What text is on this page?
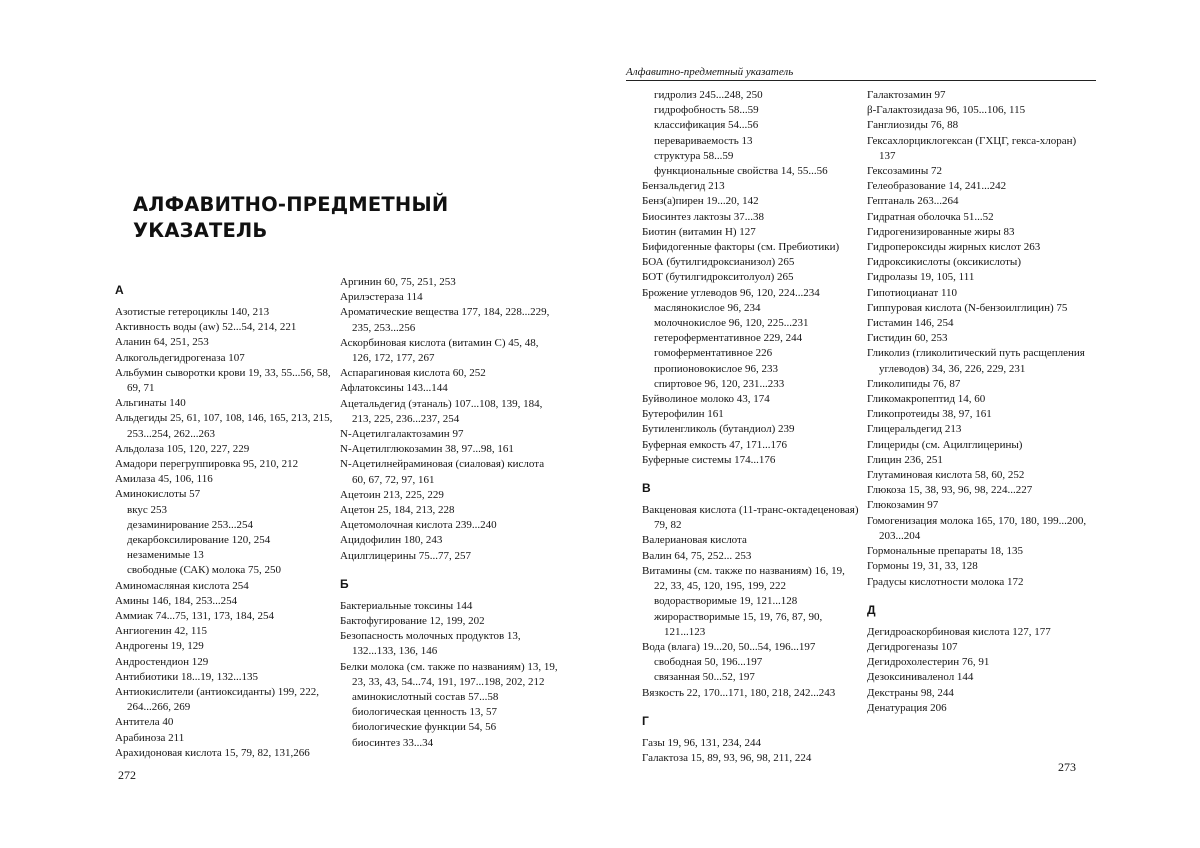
АЛФАВИТНО-ПРЕДМЕТНЫЙ
УКАЗАТЕЛЬ
А
Азотистые гетероциклы 140, 213
Активность воды (aw) 52...54, 214, 221
Аланин 64, 251, 253
Алкогольдегидрогеназа 107
Альбумин сыворотки крови 19, 33, 55...56, 58, 69, 71
Альгинаты 140
Альдегиды 25, 61, 107, 108, 146, 165, 213, 215, 253...254, 262...263
Альдолаза 105, 120, 227, 229
Амадори перегруппировка 95, 210, 212
Амилаза 45, 106, 116
Аминокислоты 57
вкус 253
дезаминирование 253...254
декарбоксилирование 120, 254
незаменимые 13
свободные (САК) молока 75, 250
Аминомасляная кислота 254
Амины 146, 184, 253...254
Аммиак 74...75, 131, 173, 184, 254
Ангиогенин 42, 115
Андрогены 19, 129
Андростендион 129
Антибиотики 18...19, 132...135
Антиокислители (антиоксиданты) 199, 222, 264...266, 269
Антитела 40
Арабиноза 211
Арахидоновая кислота 15, 79, 82, 131,266
Аргинин 60, 75, 251, 253
Арилэстераза 114
Ароматические вещества 177, 184, 228...229, 235, 253...256
Аскорбиновая кислота (витамин С) 45, 48, 126, 172, 177, 267
Аспарагиновая кислота 60, 252
Афлатоксины 143...144
Ацетальдегид (этаналь) 107...108, 139, 184, 213, 225, 236...237, 254
N-Ацетилгалактозамин 97
N-Ацетилглюкозамин 38, 97...98, 161
N-Ацетилнейраминовая (сиаловая) кислота 60, 67, 72, 97, 161
Ацетоин 213, 225, 229
Ацетон 25, 184, 213, 228
Ацетомолочная кислота 239...240
Ацидофилин 180, 243
Ацилглицерины 75...77, 257
Б
Бактериальные токсины 144
Бактофугирование 12, 199, 202
Безопасность молочных продуктов 13, 132...133, 136, 146
Белки молока (см. также по названиям) 13, 19, 23, 33, 43, 54...74, 191, 197...198, 202, 212
аминокислотный состав 57...58
биологическая ценность 13, 57
биологические функции 54, 56
биосинтез 33...34
272
Алфавитно-предметный указатель
гидролиз 245...248, 250
гидрофобность 58...59
классификация 54...56
перевариваемость 13
структура 58...59
функциональные свойства 14, 55...56
Бензальдегид 213
Бенз(а)пирен 19...20, 142
Биосинтез лактозы 37...38
Биотин (витамин Н) 127
Бифидогенные факторы (см. Пребиотики)
БОА (бутилгидроксианизол) 265
БОТ (бутилгидрокситолуол) 265
Брожение углеводов 96, 120, 224...234
маслянокислое 96, 234
молочнокислое 96, 120, 225...231
гетероферментативное 229, 244
гомоферментативное 226
пропионовокислое 96, 233
спиртовое 96, 120, 231...233
Буйволиное молоко 43, 174
Бутерофилин 161
Бутиленгликоль (бутандиол) 239
Буферная емкость 47, 171...176
Буферные системы 174...176
В
Вакценовая кислота (11-транс-октадеценовая) 79, 82
Валериановая кислота
Валин 64, 75, 252... 253
Витамины (см. также по названиям) 16, 19, 22, 33, 45, 120, 195, 199, 222
водорастворимые 19, 121...128
жирорастворимые 15, 19, 76, 87, 90, 121...123
Вода (влага) 19...20, 50...54, 196...197
свободная 50, 196...197
связанная 50...52, 197
Вязкость 22, 170...171, 180, 218, 242...243
Г
Газы 19, 96, 131, 234, 244
Галактоза 15, 89, 93, 96, 98, 211, 224
Галактозамин 97
β-Галактозидаза 96, 105...106, 115
Ганглиозиды 76, 88
Гексахлорциклогексан (ГХЦГ, гекса-хлоран) 137
Гексозамины 72
Гелеобразование 14, 241...242
Гептаналь 263...264
Гидратная оболочка 51...52
Гидрогенизированные жиры 83
Гидропероксиды жирных кислот 263
Гидроксикислоты (оксикислоты)
Гидролазы 19, 105, 111
Гипотиоцианат 110
Гиппуровая кислота (N-бензоилглицин) 75
Гистамин 146, 254
Гистидин 60, 253
Гликолиз (гликолитический путь расщепления углеводов) 34, 36, 226, 229, 231
Гликолипиды 76, 87
Гликомакропептид 14, 60
Гликопротеиды 38, 97, 161
Глицеральдегид 213
Глицериды (см. Ацилглицерины)
Глицин 236, 251
Глутаминовая кислота 58, 60, 252
Глюкоза 15, 38, 93, 96, 98, 224...227
Глюкозамин 97
Гомогенизация молока 165, 170, 180, 199...200, 203...204
Гормональные препараты 18, 135
Гормоны 19, 31, 33, 128
Градусы кислотности молока 172
Д
Дегидроаскорбиновая кислота 127, 177
Дегидрогеназы 107
Дегидрохолестерин 76, 91
Дезоксиниваленол 144
Декстраны 98, 244
Денатурация 206
273
